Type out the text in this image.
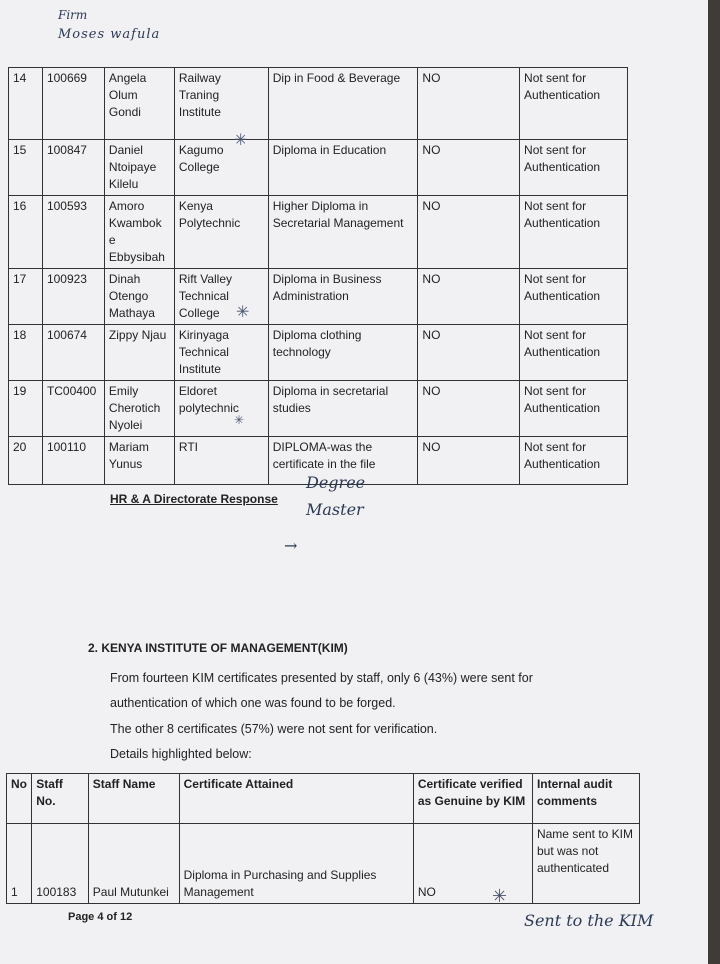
Firm
Moses wafula
14	100669	Angela Olum Gondi	Railway Traning Institute	Dip in Food & Beverage	NO	Not sent for Authentication
15	100847	Daniel Ntoipaye Kilelu	Kagumo College	Diploma in Education	NO	Not sent for Authentication
16	100593	Amoro Kwambok e Ebbysibah	Kenya Polytechnic	Higher Diploma in Secretarial Management	NO	Not sent for Authentication
17	100923	Dinah Otengo Mathaya	Rift Valley Technical College	Diploma in Business Administration	NO	Not sent for Authentication
18	100674	Zippy Njau	Kirinyaga Technical Institute	Diploma clothing technology	NO	Not sent for Authentication
19	TC00400	Emily Cherotich Nyolei	Eldoret polytechnic	Diploma in secretarial studies	NO	Not sent for Authentication
20	100110	Mariam Yunus	RTI	DIPLOMA-was the certificate in the file	NO	Not sent for Authentication
✳
✳
✳
HR & A Directorate Response
Degree
Master
→
2. KENYA INSTITUTE OF MANAGEMENT(KIM)
From fourteen KIM certificates presented by staff, only 6 (43%) were sent for
authentication of which one was found to be forged.
The other 8 certificates (57%) were not sent for verification.
Details highlighted below:
No	Staff No.	Staff Name	Certificate Attained	Certificate verified as Genuine by KIM	Internal audit comments
1	100183	Paul Mutunkei	Diploma in Purchasing and Supplies Management	NO	Name sent to KIM but was not authenticated
✳
Sent to the KIM
Page 4 of 12
